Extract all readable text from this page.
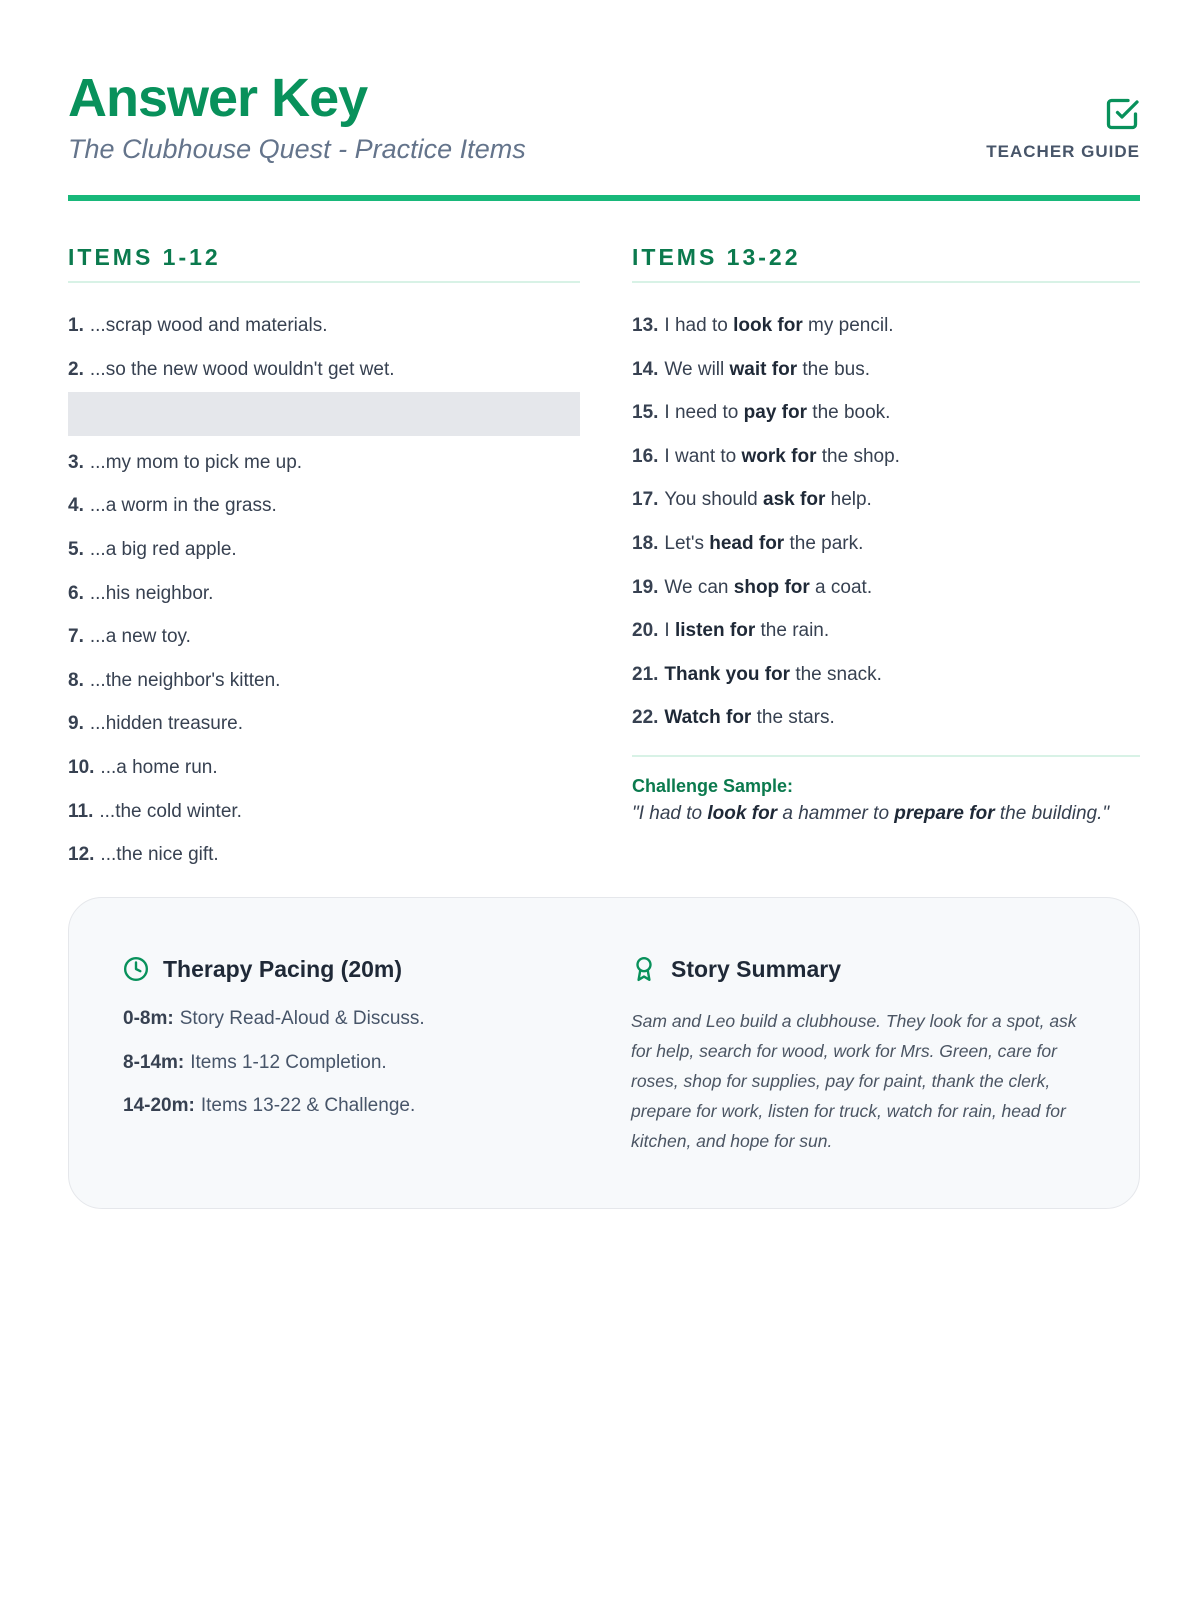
Answer Key

The Clubhouse Quest - Practice Items	TEACHER GUIDE
ITEMS 1-12
1. ...scrap wood and materials.
2. ...so the new wood wouldn't get wet.
3. ...my mom to pick me up.
4. ...a worm in the grass.
5. ...a big red apple.
6. ...his neighbor.
7. ...a new toy.
8. ...the neighbor's kitten.
9. ...hidden treasure.
10. ...a home run.
11. ...the cold winter.
12. ...the nice gift.
ITEMS 13-22
13. I had to look for my pencil.
14. We will wait for the bus.
15. I need to pay for the book.
16. I want to work for the shop.
17. You should ask for help.
18. Let's head for the park.
19. We can shop for a coat.
20. I listen for the rain.
21. Thank you for the snack.
22. Watch for the stars.
Challenge Sample:
"I had to look for a hammer to prepare for the building."
Therapy Pacing (20m)
0-8m: Story Read-Aloud & Discuss.
8-14m: Items 1-12 Completion.
14-20m: Items 13-22 & Challenge.
Story Summary

Sam and Leo build a clubhouse. They look for a spot, ask for help, search for wood, work for Mrs. Green, care for roses, shop for supplies, pay for paint, thank the clerk, prepare for work, listen for truck, watch for rain, head for kitchen, and hope for sun.
